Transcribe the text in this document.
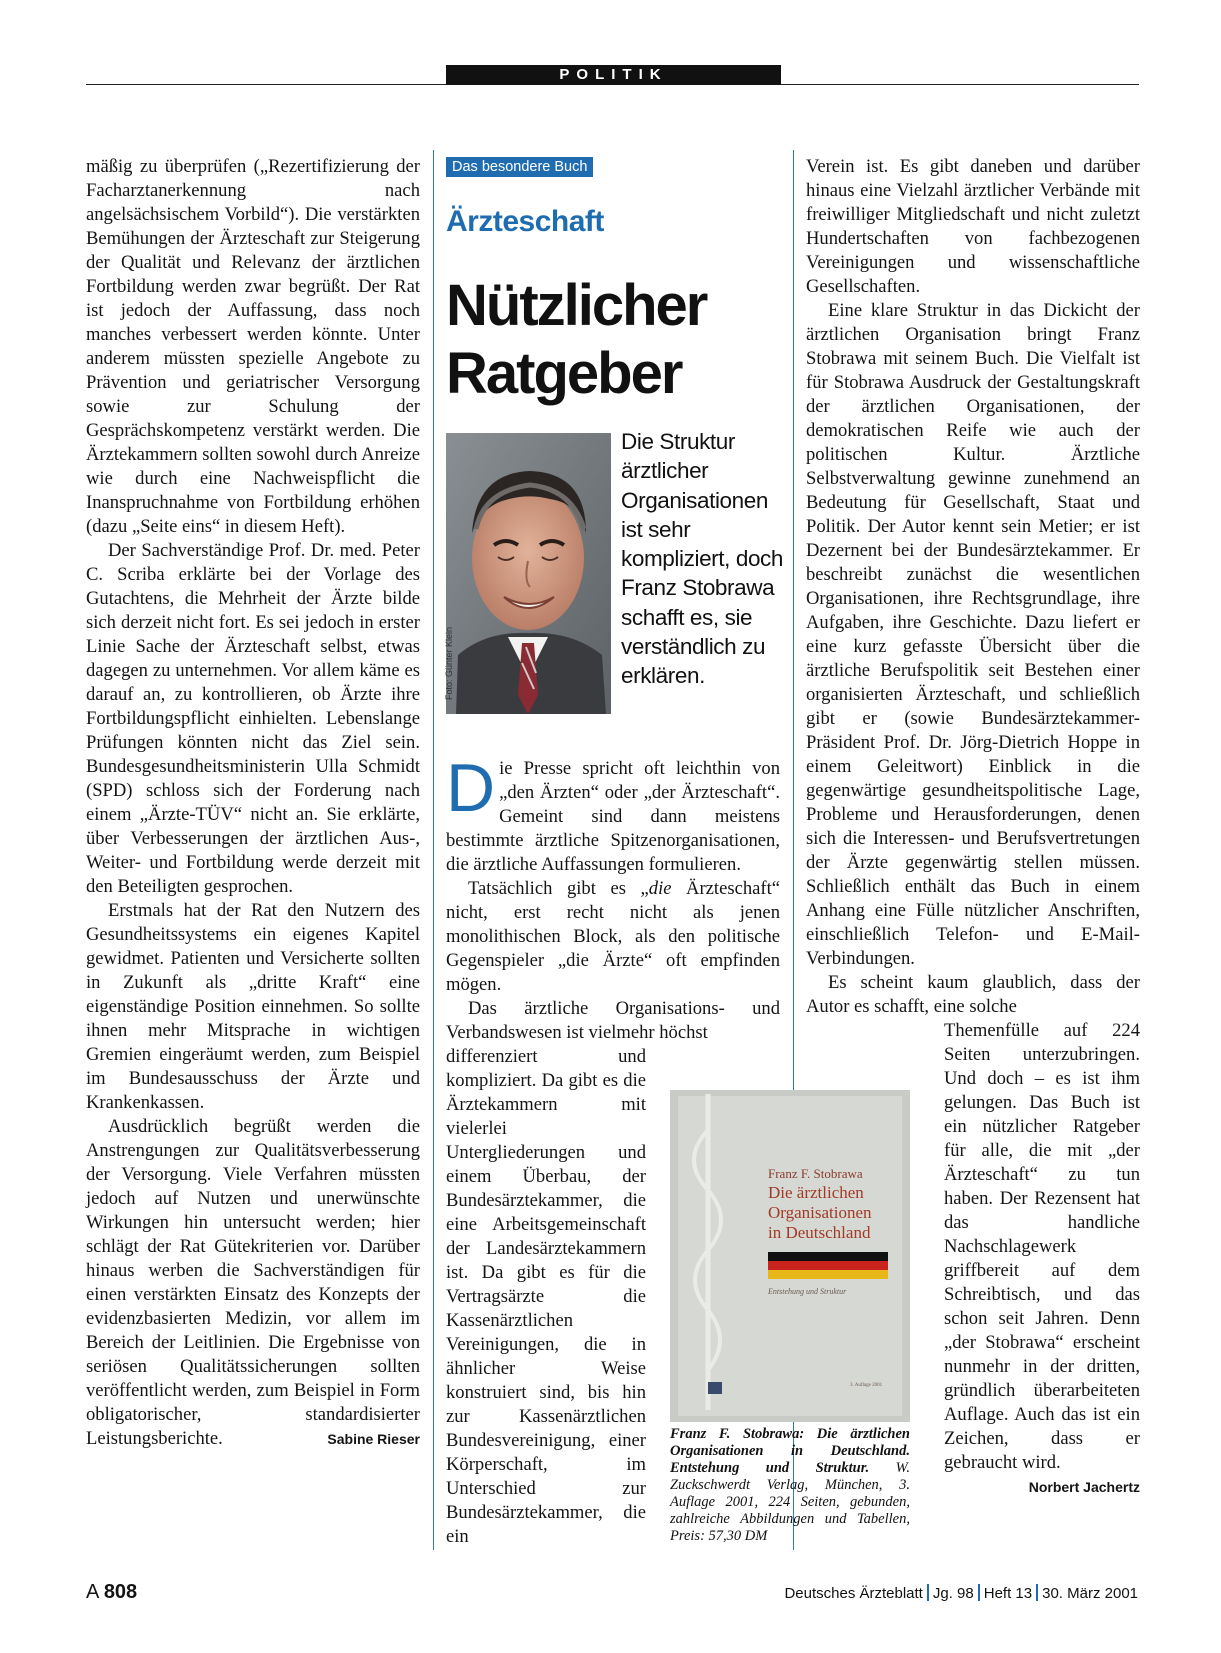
POLITIK

mäßig zu überprüfen („Rezertifizierung der Facharztanerkennung nach angelsächsischem Vorbild“). Die verstärkten Bemühungen der Ärzteschaft zur Steigerung der Qualität und Relevanz der ärztlichen Fortbildung werden zwar begrüßt. Der Rat ist jedoch der Auffassung, dass noch manches verbessert werden könnte. Unter anderem müssten spezielle Angebote zu Prävention und geriatrischer Versorgung sowie zur Schulung der Gesprächskompetenz verstärkt werden. Die Ärztekammern sollten sowohl durch Anreize wie durch eine Nachweispflicht die Inanspruchnahme von Fortbildung erhöhen (dazu „Seite eins“ in diesem Heft).

Der Sachverständige Prof. Dr. med. Peter C. Scriba erklärte bei der Vorlage des Gutachtens, die Mehrheit der Ärzte bilde sich derzeit nicht fort. Es sei jedoch in erster Linie Sache der Ärzteschaft selbst, etwas dagegen zu unternehmen. Vor allem käme es darauf an, zu kontrollieren, ob Ärzte ihre Fortbildungspflicht einhielten. Lebenslange Prüfungen könnten nicht das Ziel sein. Bundesgesundheitsministerin Ulla Schmidt (SPD) schloss sich der Forderung nach einem „Ärzte-TÜV“ nicht an. Sie erklärte, über Verbesserungen der ärztlichen Aus-, Weiter- und Fortbildung werde derzeit mit den Beteiligten gesprochen.

Erstmals hat der Rat den Nutzern des Gesundheitssystems ein eigenes Kapitel gewidmet. Patienten und Versicherte sollten in Zukunft als „dritte Kraft“ eine eigenständige Position einnehmen. So sollte ihnen mehr Mitsprache in wichtigen Gremien eingeräumt werden, zum Beispiel im Bundesausschuss der Ärzte und Krankenkassen.

Ausdrücklich begrüßt werden die Anstrengungen zur Qualitätsverbesserung der Versorgung. Viele Verfahren müssten jedoch auf Nutzen und unerwünschte Wirkungen hin untersucht werden; hier schlägt der Rat Gütekriterien vor. Darüber hinaus werben die Sachverständigen für einen verstärkten Einsatz des Konzepts der evidenzbasierten Medizin, vor allem im Bereich der Leitlinien. Die Ergebnisse von seriösen Qualitätssicherungen sollten veröffentlicht werden, zum Beispiel in Form obligatorischer, standardisierter Leistungsberichte.	Sabine Rieser

Das besondere Buch
Ärzteschaft
Nützlicher
Ratgeber
Foto: Günter Klein
Die Struktur ärztlicher Organisationen ist sehr kompliziert, doch Franz Stobrawa schafft es, sie verständlich zu erklären.

Die Presse spricht oft leichthin von „den Ärzten“ oder „der Ärzteschaft“. Gemeint sind dann meistens bestimmte ärztliche Spitzenorganisationen, die ärztliche Auffassungen formulieren.

Tatsächlich gibt es „die Ärzteschaft“ nicht, erst recht nicht als jenen monolithischen Block, als den politische Gegenspieler „die Ärzte“ oft empfinden mögen.

Das ärztliche Organisations- und Verbandswesen ist vielmehr höchst

differenziert und kompliziert. Da gibt es die Ärztekammern mit vielerlei Untergliederungen und einem Überbau, der Bundesärztekammer, die eine Arbeitsgemeinschaft der Landesärztekammern ist. Da gibt es für die Vertragsärzte die Kassenärztlichen Vereinigungen, die in ähnlicher Weise konstruiert sind, bis hin zur Kassenärztlichen Bundesvereinigung, einer Körperschaft, im Unterschied zur Bundesärztekammer, die ein

Verein ist. Es gibt daneben und darüber hinaus eine Vielzahl ärztlicher Verbände mit freiwilliger Mitgliedschaft und nicht zuletzt Hundertschaften von fachbezogenen Vereinigungen und wissenschaftliche Gesellschaften.

Eine klare Struktur in das Dickicht der ärztlichen Organisation bringt Franz Stobrawa mit seinem Buch. Die Vielfalt ist für Stobrawa Ausdruck der Gestaltungskraft der ärztlichen Organisationen, der demokratischen Reife wie auch der politischen Kultur. Ärztliche Selbstverwaltung gewinne zunehmend an Bedeutung für Gesellschaft, Staat und Politik. Der Autor kennt sein Metier; er ist Dezernent bei der Bundesärztekammer. Er beschreibt zunächst die wesentlichen Organisationen, ihre Rechtsgrundlage, ihre Aufgaben, ihre Geschichte. Dazu liefert er eine kurz gefasste Übersicht über die ärztliche Berufspolitik seit Bestehen einer organisierten Ärzteschaft, und schließlich gibt er (sowie Bundesärztekammer-Präsident Prof. Dr. Jörg-Dietrich Hoppe in einem Geleitwort) Einblick in die gegenwärtige gesundheitspolitische Lage, Probleme und Herausforderungen, denen sich die Interessen- und Berufsvertretungen der Ärzte gegenwärtig stellen müssen. Schließlich enthält das Buch in einem Anhang eine Fülle nützlicher Anschriften, einschließlich Telefon- und E-Mail-Verbindungen.

Es scheint kaum glaublich, dass der Autor es schafft, eine solche

Themenfülle auf 224 Seiten unterzubringen. Und doch – es ist ihm gelungen. Das Buch ist ein nützlicher Ratgeber für alle, die mit „der Ärzteschaft“ zu tun haben. Der Rezensent hat das handliche Nachschlagewerk griffbereit auf dem Schreibtisch, und das schon seit Jahren. Denn „der Stobrawa“ erscheint nunmehr in der dritten, gründlich überarbeiteten Auflage. Auch das ist ein Zeichen, dass er gebraucht wird.
Norbert Jachertz

Franz F. Stobrawa
Die ärztlichen
Organisationen
in Deutschland
Entstehung und Struktur
3. Auflage 2001
Franz F. Stobrawa: Die ärztlichen Organisationen in Deutschland. Entstehung und Struktur. W. Zuckschwerdt Verlag, München, 3. Auflage 2001, 224 Seiten, gebunden, zahlreiche Abbildungen und Tabellen, Preis: 57,30 DM
A 808	Deutsches Ärzteblatt Jg. 98 Heft 13 30. März 2001
